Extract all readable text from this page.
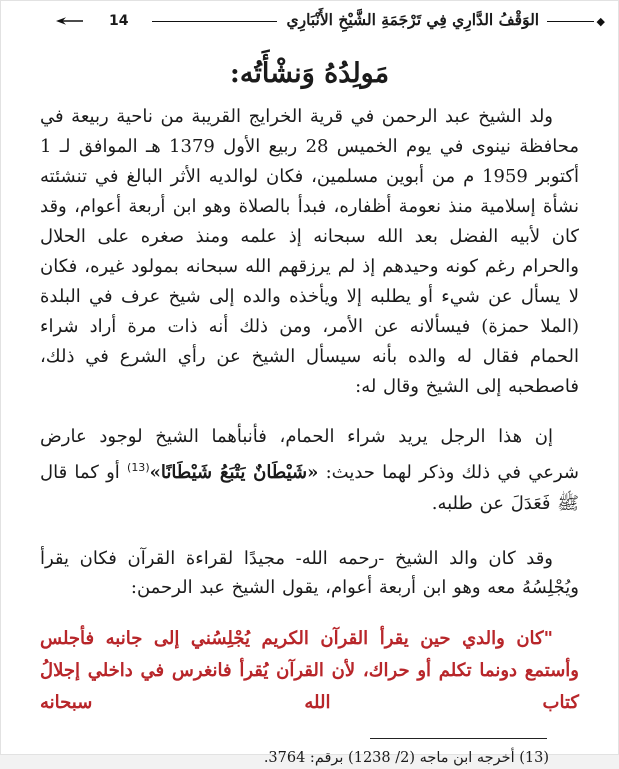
14	الوَقْفُ الدَّارِي فِي تَرْجَمَةِ الشَّيْخِ الأَنْبَارِي	◆
مَولِدُهُ وَنشْأَتُه:

ولد الشيخ عبد الرحمن في قرية الخرايج القريبة من ناحية ربيعة في محافظة نينوى في يوم الخميس 28 ربيع الأول 1379 هـ الموافق لـ 1 أكتوبر 1959 م من أبوين مسلمين، فكان لوالديه الأثر البالغ في تنشئته نشأة إسلامية منذ نعومة أظفاره، فبدأ بالصلاة وهو ابن أربعة أعوام، وقد كان لأبيه الفضل بعد الله سبحانه إذ علمه ومنذ صغره على الحلال والحرام رغم كونه وحيدهم إذ لم يرزقهم الله سبحانه بمولود غيره، فكان لا يسأل عن شيء أو يطلبه إلا ويأخذه والده إلى شيخ عرف في البلدة (الملا حمزة) فيسألانه عن الأمر، ومن ذلك أنه ذات مرة أراد شراء الحمام فقال له والده بأنه سيسأل الشيخ عن رأي الشرع في ذلك، فاصطحبه إلى الشيخ وقال له:

إن هذا الرجل يريد شراء الحمام، فأنبأهما الشيخ لوجود عارض شرعي في ذلك وذكر لهما حديث: «شَيْطَانٌ يَتْبَعُ شَيْطَانًا»$^{(13)}$ أو كما قال ﷺ فَعَدَلَ عن طلبه.

وقد كان والد الشيخ -رحمه الله- مجيدًا لقراءة القرآن فكان يقرأ ويُجْلِسُهُ معه وهو ابن أربعة أعوام، يقول الشيخ عبد الرحمن:

"كان والدي حين يقرأ القرآن الكريم يُجْلِسُني إلى جانبه فأجلس وأستمع دونما تكلم أو حراك، لأن القرآن يُقرأ فانغرس في داخلي إجلالُ كتاب الله سبحانه

(13) أخرجه ابن ماجه (2/ 1238) برقم: 3764.
